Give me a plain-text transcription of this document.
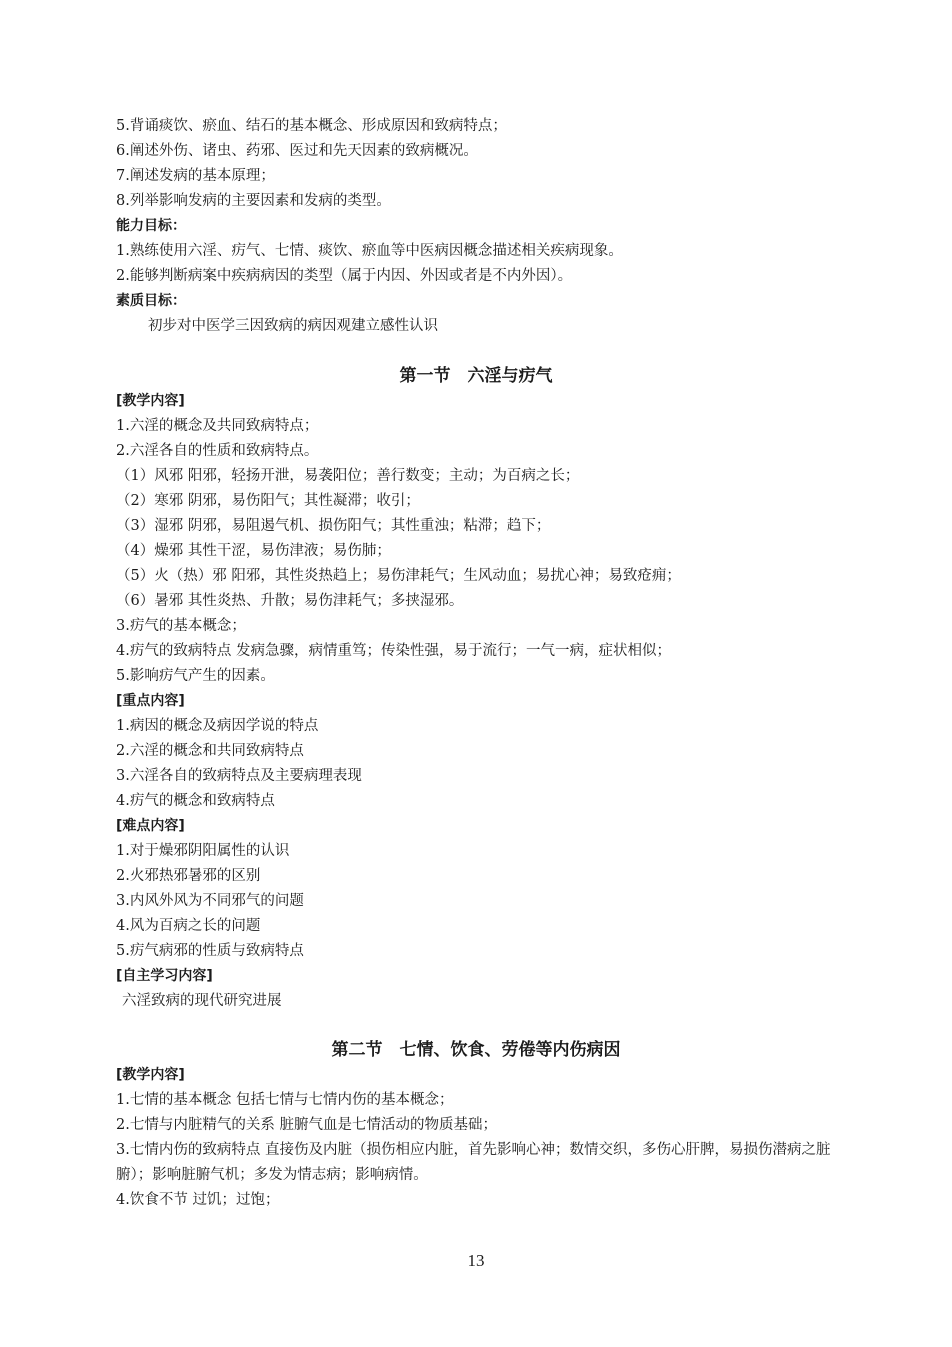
5.背诵痰饮、瘀血、结石的基本概念、形成原因和致病特点；
6.阐述外伤、诸虫、药邪、医过和先天因素的致病概况。
7.阐述发病的基本原理；
8.列举影响发病的主要因素和发病的类型。
能力目标：
1.熟练使用六淫、疠气、七情、痰饮、瘀血等中医病因概念描述相关疾病现象。
2.能够判断病案中疾病病因的类型（属于内因、外因或者是不内外因）。
素质目标：
初步对中医学三因致病的病因观建立感性认识
第一节　六淫与疠气
[教学内容]
1.六淫的概念及共同致病特点；
2.六淫各自的性质和致病特点。
（1）风邪 阳邪，轻扬开泄，易袭阳位；善行数变；主动；为百病之长；
（2）寒邪 阴邪，易伤阳气；其性凝滞；收引；
（3）湿邪 阴邪，易阻遏气机、损伤阳气；其性重浊；粘滞；趋下；
（4）燥邪 其性干涩，易伤津液；易伤肺；
（5）火（热）邪 阳邪，其性炎热趋上；易伤津耗气；生风动血；易扰心神；易致疮痈；
（6）暑邪 其性炎热、升散；易伤津耗气；多挟湿邪。
3.疠气的基本概念；
4.疠气的致病特点 发病急骤，病情重笃；传染性强，易于流行；一气一病，症状相似；
5.影响疠气产生的因素。
[重点内容]
1.病因的概念及病因学说的特点
2.六淫的概念和共同致病特点
3.六淫各自的致病特点及主要病理表现
4.疠气的概念和致病特点
[难点内容]
1.对于燥邪阴阳属性的认识
2.火邪热邪暑邪的区别
3.内风外风为不同邪气的问题
4.风为百病之长的问题
5.疠气病邪的性质与致病特点
[自主学习内容]
六淫致病的现代研究进展
第二节　七情、饮食、劳倦等内伤病因
[教学内容]
1.七情的基本概念 包括七情与七情内伤的基本概念；
2.七情与内脏精气的关系 脏腑气血是七情活动的物质基础；
3.七情内伤的致病特点 直接伤及内脏（损伤相应内脏，首先影响心神；数情交织，多伤心肝脾，易损伤潜病之脏腑）；影响脏腑气机；多发为情志病；影响病情。
4.饮食不节 过饥；过饱；
13
